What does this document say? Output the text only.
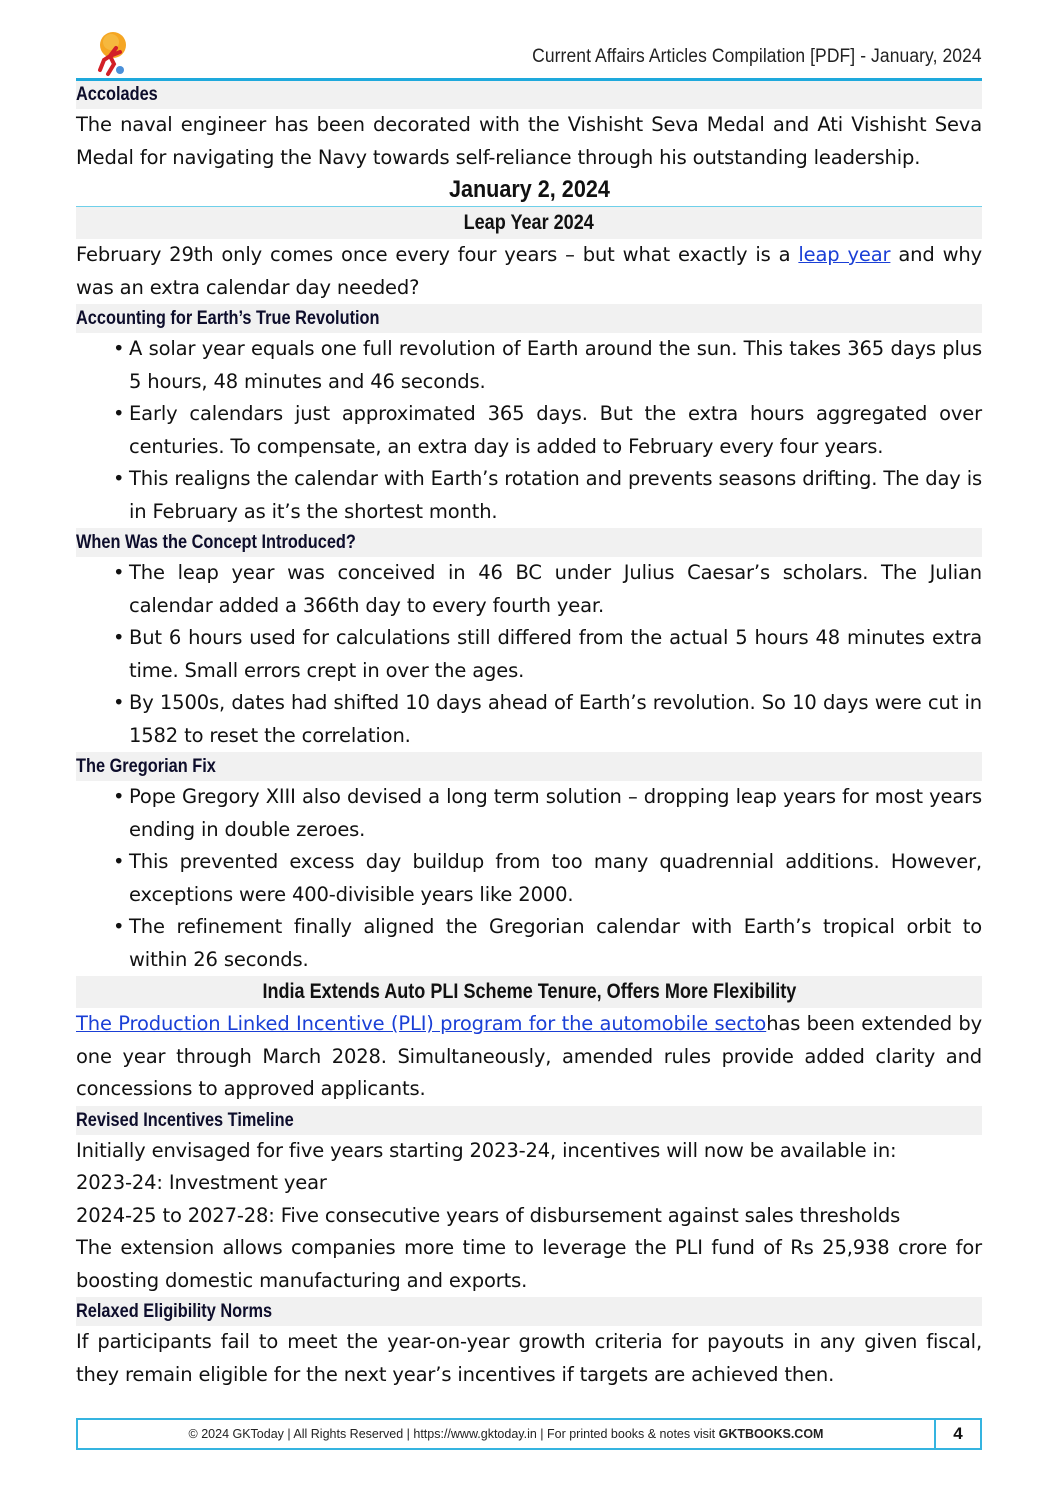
Current Affairs Articles Compilation [PDF] - January, 2024
Accolades

The naval engineer has been decorated with the Vishisht Seva Medal and Ati Vishisht Seva Medal for navigating the Navy towards self-reliance through his outstanding leadership.

January 2, 2024
Leap Year 2024

February 29th only comes once every four years – but what exactly is a leap year and why was an extra calendar day needed?

Accounting for Earth’s True Revolution
• A solar year equals one full revolution of Earth around the sun. This takes 365 days plus 5 hours, 48 minutes and 46 seconds.
• Early calendars just approximated 365 days. But the extra hours aggregated over centuries. To compensate, an extra day is added to February every four years.
• This realigns the calendar with Earth’s rotation and prevents seasons drifting. The day is in February as it’s the shortest month.
When Was the Concept Introduced?
• The leap year was conceived in 46 BC under Julius Caesar’s scholars. The Julian calendar added a 366th day to every fourth year.
• But 6 hours used for calculations still differed from the actual 5 hours 48 minutes extra time. Small errors crept in over the ages.
• By 1500s, dates had shifted 10 days ahead of Earth’s revolution. So 10 days were cut in 1582 to reset the correlation.
The Gregorian Fix
• Pope Gregory XIII also devised a long term solution – dropping leap years for most years ending in double zeroes.
• This prevented excess day buildup from too many quadrennial additions. However, exceptions were 400-divisible years like 2000.
• The refinement finally aligned the Gregorian calendar with Earth’s tropical orbit to within 26 seconds.
India Extends Auto PLI Scheme Tenure, Offers More Flexibility

The Production Linked Incentive (PLI) program for the automobile sectohas been extended by one year through March 2028. Simultaneously, amended rules provide added clarity and concessions to approved applicants.

Revised Incentives Timeline

Initially envisaged for five years starting 2023-24, incentives will now be available in:

2023-24: Investment year

2024-25 to 2027-28: Five consecutive years of disbursement against sales thresholds

The extension allows companies more time to leverage the PLI fund of Rs 25,938 crore for boosting domestic manufacturing and exports.

Relaxed Eligibility Norms

If participants fail to meet the year-on-year growth criteria for payouts in any given fiscal, they remain eligible for the next year’s incentives if targets are achieved then.

© 2024 GKToday | All Rights Reserved | https://www.gktoday.in | For printed books & notes visit GKTBOOKS.COM	4
